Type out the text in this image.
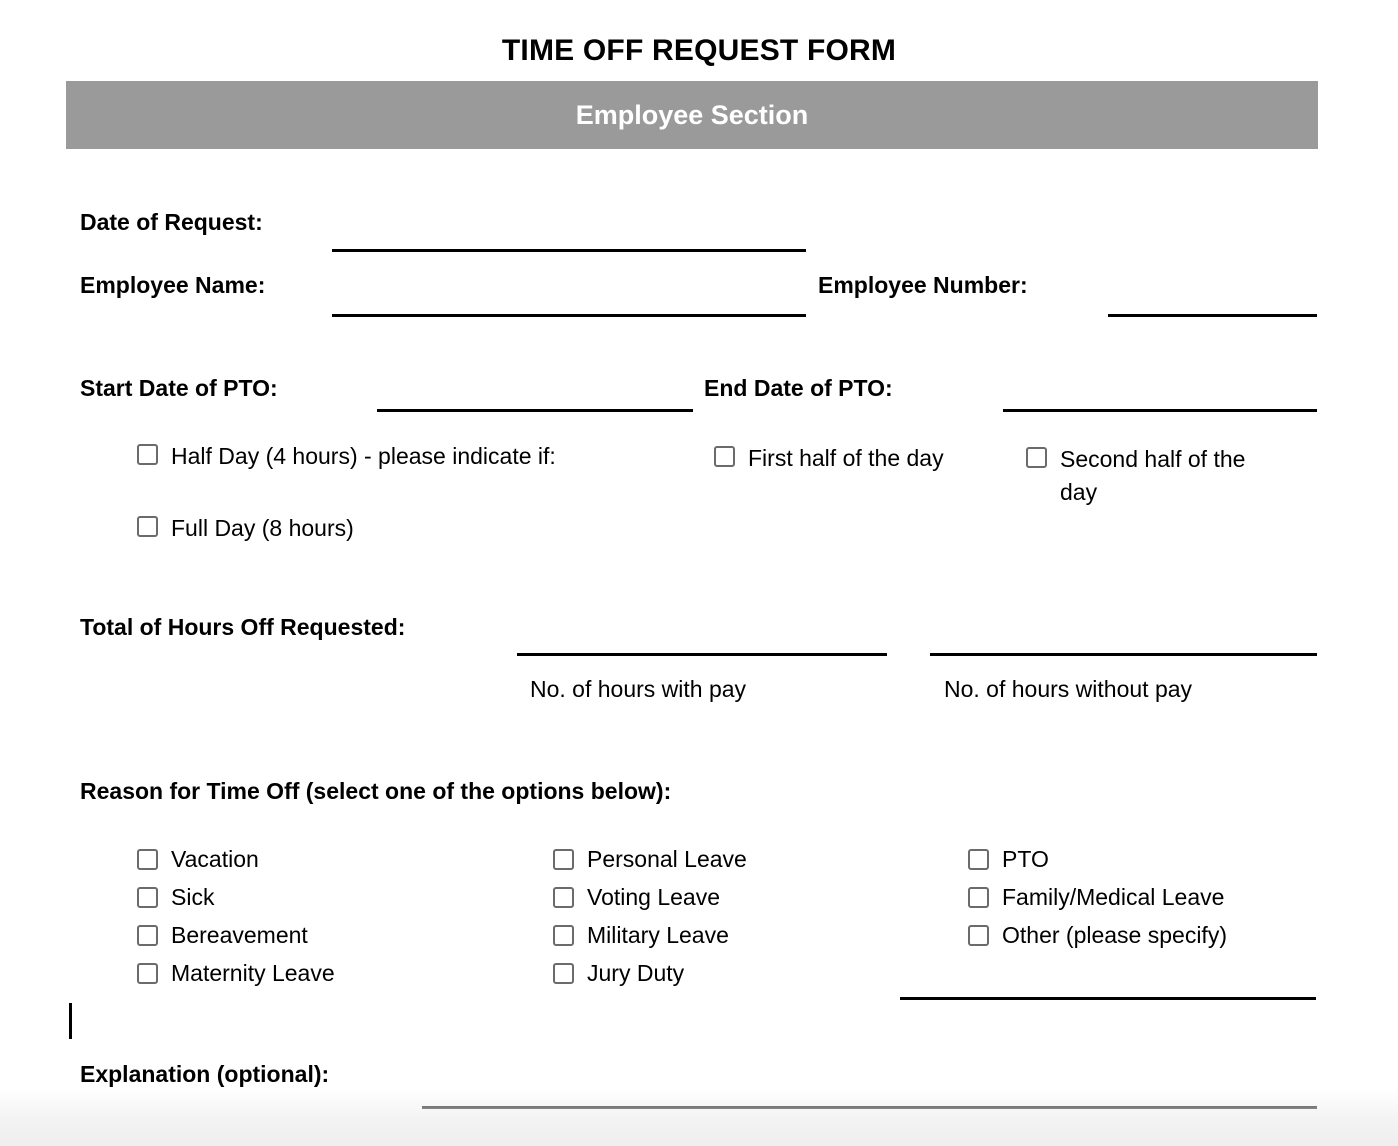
TIME OFF REQUEST FORM
Employee Section
Date of Request:
Employee Name:	Employee Number:
Start Date of PTO:	End Date of PTO:
Half Day (4 hours) - please indicate if:	First half of the day	Second half of the day
Full Day (8 hours)
Total of Hours Off Requested:
No. of hours with pay	No. of hours without pay
Reason for Time Off (select one of the options below):
Vacation
Sick
Bereavement
Maternity Leave
Personal Leave
Voting Leave
Military Leave
Jury Duty
PTO
Family/Medical Leave
Other (please specify)
Explanation (optional):
